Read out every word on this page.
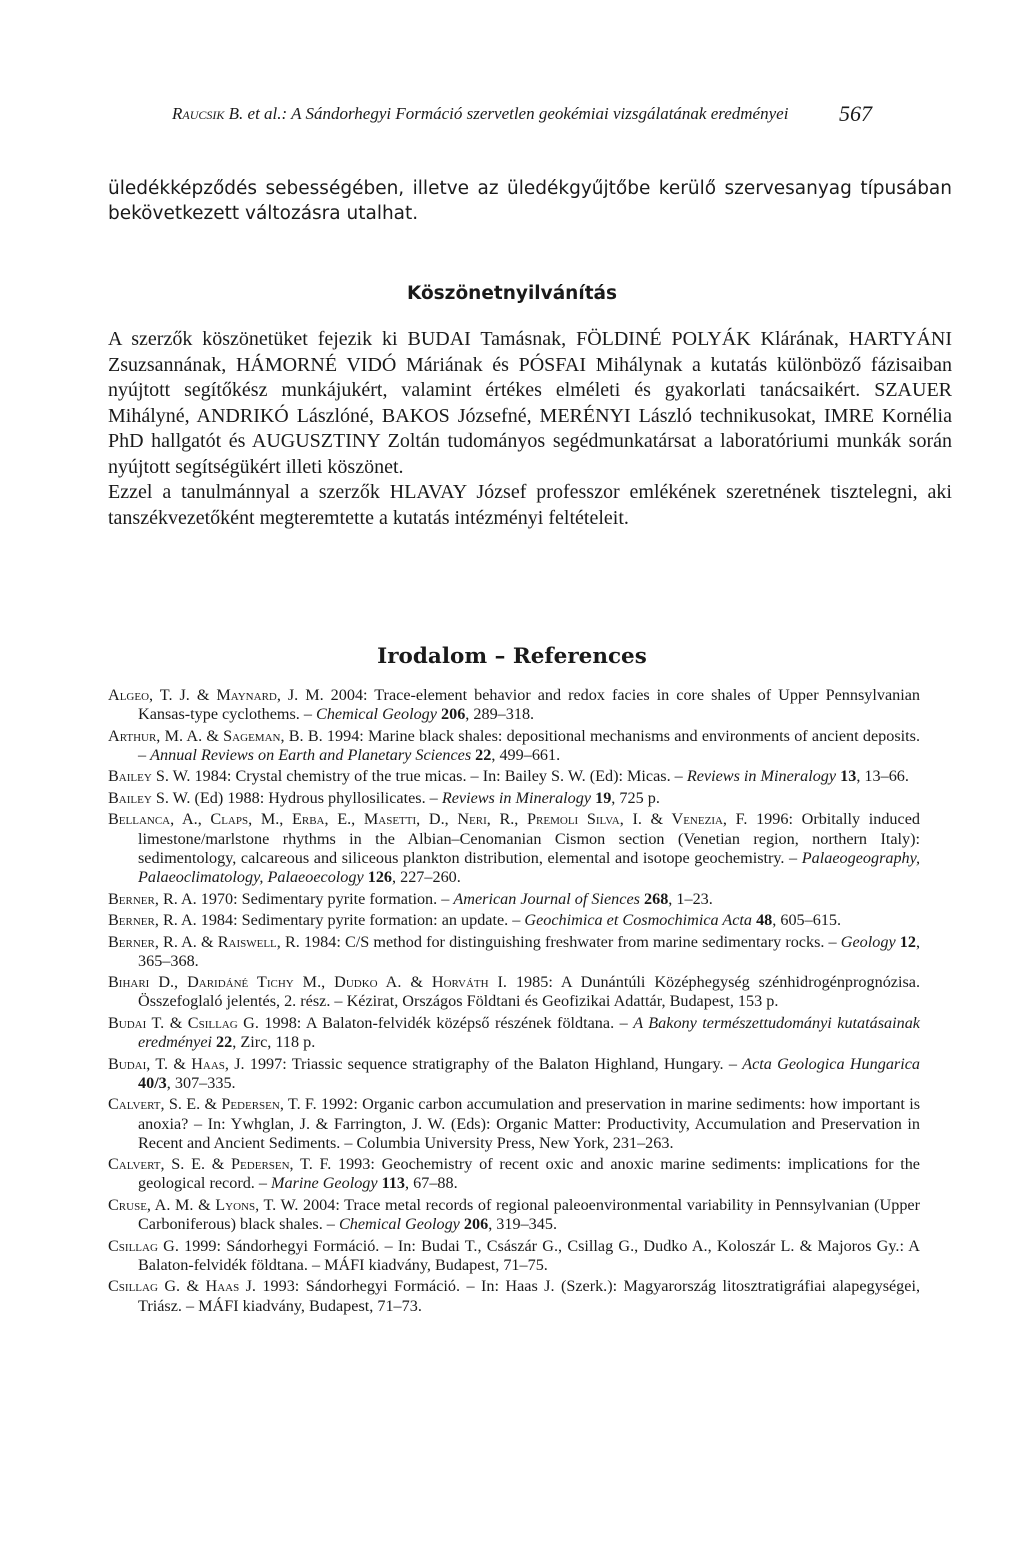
Raucsik B. et al.: A Sándorhegyi Formáció szervetlen geokémiai vizsgálatának eredményei 567
üledékképződés sebességében, illetve az üledékgyűjtőbe kerülő szervesanyag típusában bekövetkezett változásra utalhat.
Köszönetnyilvánítás

A szerzők köszönetüket fejezik ki BUDAI Tamásnak, FÖLDINÉ POLYÁK Klárának, HARTYÁNI Zsuzsannának, HÁMORNÉ VIDÓ Máriának és PÓSFAI Mihálynak a kutatás különböző fázisaiban nyújtott segítőkész munkájukért, valamint értékes elméleti és gyakorlati tanácsaikért. SZAUER Mihályné, ANDRIKÓ Lászlóné, BAKOS Józsefné, MERÉNYI László technikusokat, IMRE Kornélia PhD hallgatót és AUGUSZTINY Zoltán tudományos segédmunkatársat a laboratóriumi munkák során nyújtott segítségükért illeti köszönet.

Ezzel a tanulmánnyal a szerzők HLAVAY József professzor emlékének szeretnének tisztelegni, aki tanszékvezetőként megteremtette a kutatás intézményi feltételeit.

Irodalom – References

Algeo, T. J. & Maynard, J. M. 2004: Trace-element behavior and redox facies in core shales of Upper Pennsylvanian Kansas-type cyclothems. – Chemical Geology 206, 289–318.

Arthur, M. A. & Sageman, B. B. 1994: Marine black shales: depositional mechanisms and environments of ancient deposits. – Annual Reviews on Earth and Planetary Sciences 22, 499–661.

Bailey S. W. 1984: Crystal chemistry of the true micas. – In: Bailey S. W. (Ed): Micas. – Reviews in Mineralogy 13, 13–66.

Bailey S. W. (Ed) 1988: Hydrous phyllosilicates. – Reviews in Mineralogy 19, 725 p.

Bellanca, A., Claps, M., Erba, E., Masetti, D., Neri, R., Premoli Silva, I. & Venezia, F. 1996: Orbitally induced limestone/marlstone rhythms in the Albian–Cenomanian Cismon section (Venetian region, northern Italy): sedimentology, calcareous and siliceous plankton distribution, elemental and isotope geochemistry. – Palaeogeography, Palaeoclimatology, Palaeoecology 126, 227–260.

Berner, R. A. 1970: Sedimentary pyrite formation. – American Journal of Siences 268, 1–23.

Berner, R. A. 1984: Sedimentary pyrite formation: an update. – Geochimica et Cosmochimica Acta 48, 605–615.

Berner, R. A. & Raiswell, R. 1984: C/S method for distinguishing freshwater from marine sedimentary rocks. – Geology 12, 365–368.

Bihari D., Daridáné Tichy M., Dudko A. & Horváth I. 1985: A Dunántúli Középhegység szénhidrogénprognózisa. Összefoglaló jelentés, 2. rész. – Kézirat, Országos Földtani és Geofizikai Adattár, Budapest, 153 p.

Budai T. & Csillag G. 1998: A Balaton-felvidék középső részének földtana. – A Bakony természettudományi kutatásainak eredményei 22, Zirc, 118 p.

Budai, T. & Haas, J. 1997: Triassic sequence stratigraphy of the Balaton Highland, Hungary. – Acta Geologica Hungarica 40/3, 307–335.

Calvert, S. E. & Pedersen, T. F. 1992: Organic carbon accumulation and preservation in marine sediments: how important is anoxia? – In: Ywhglan, J. & Farrington, J. W. (Eds): Organic Matter: Productivity, Accumulation and Preservation in Recent and Ancient Sediments. – Columbia University Press, New York, 231–263.

Calvert, S. E. & Pedersen, T. F. 1993: Geochemistry of recent oxic and anoxic marine sediments: implications for the geological record. – Marine Geology 113, 67–88.

Cruse, A. M. & Lyons, T. W. 2004: Trace metal records of regional paleoenvironmental variability in Pennsylvanian (Upper Carboniferous) black shales. – Chemical Geology 206, 319–345.

Csillag G. 1999: Sándorhegyi Formáció. – In: Budai T., Császár G., Csillag G., Dudko A., Koloszár L. & Majoros Gy.: A Balaton-felvidék földtana. – MÁFI kiadvány, Budapest, 71–75.

Csillag G. & Haas J. 1993: Sándorhegyi Formáció. – In: Haas J. (Szerk.): Magyarország litosztratigráfiai alapegységei, Triász. – MÁFI kiadvány, Budapest, 71–73.
